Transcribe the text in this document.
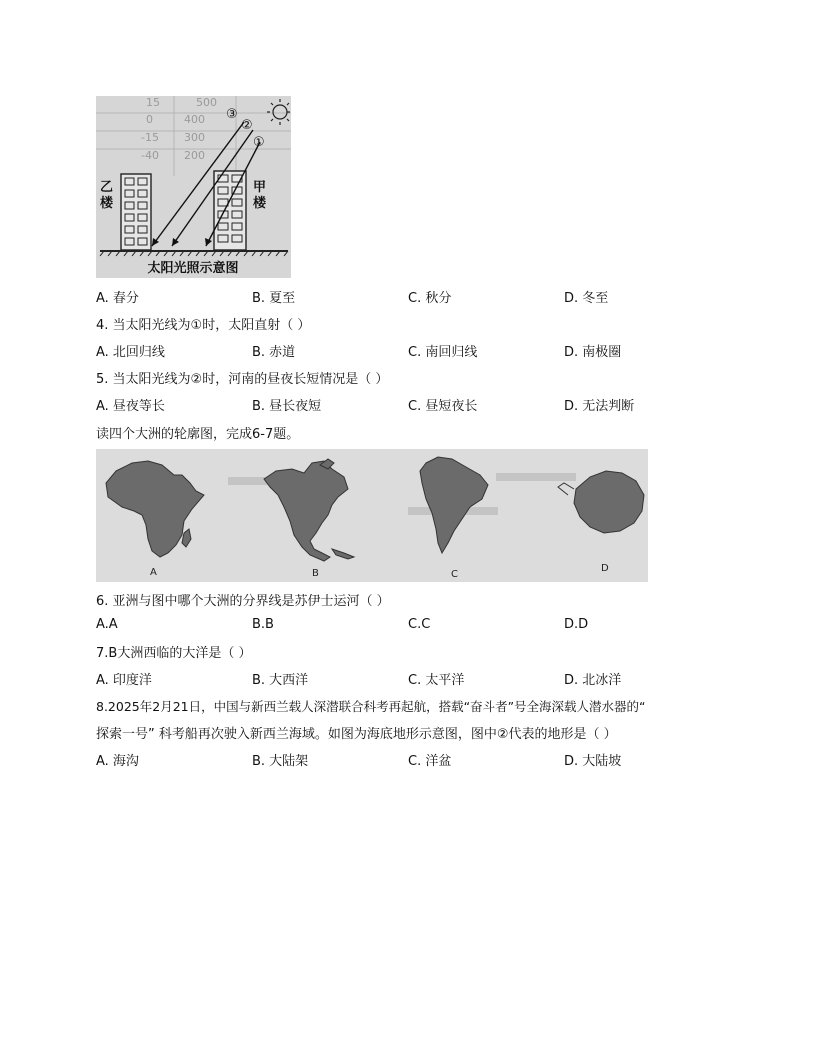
500
15
400
0
300
-15
200
-40
乙楼
甲楼
③
②
①
太阳光照示意图
A. 春分	B. 夏至	C. 秋分	D. 冬至
4. 当太阳光线为①时，太阳直射（ ）
A. 北回归线	B. 赤道	C. 南回归线	D. 南极圈
5. 当太阳光线为②时，河南的昼夜长短情况是（ ）
A. 昼夜等长	B. 昼长夜短	C. 昼短夜长	D. 无法判断
读四个大洲的轮廓图，完成6-7题。
A	B	C
D
6. 亚洲与图中哪个大洲的分界线是苏伊士运河（ ）
A.A	B.B	C.C	D.D
7.B大洲西临的大洋是（ ）
A. 印度洋	B. 大西洋	C. 太平洋	D. 北冰洋
8.2025年2月21日，中国与新西兰载人深潜联合科考再起航，搭载“奋斗者”号全海深载人潜水器的“
探索一号” 科考船再次驶入新西兰海域。如图为海底地形示意图，图中②代表的地形是（ ）
A. 海沟	B. 大陆架	C. 洋盆	D. 大陆坡
